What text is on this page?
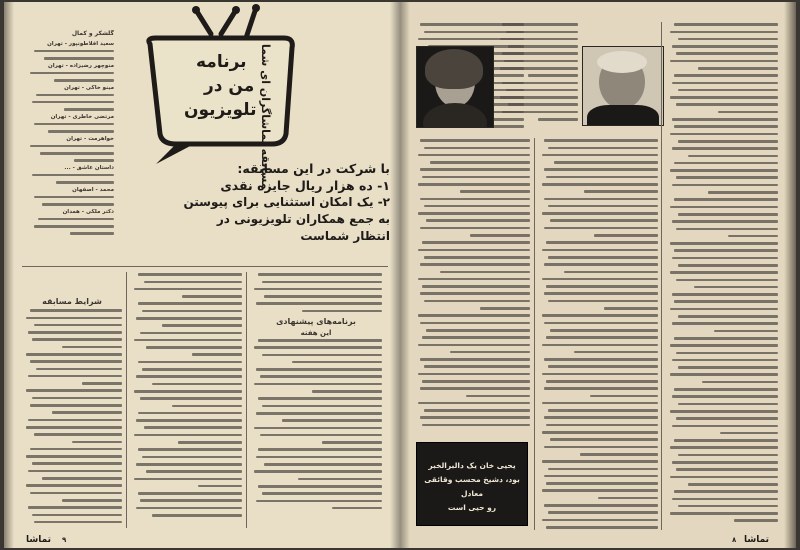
گلشکر و کمال
سعید افلاطونپور - تهران
منوچهر رضیزاده - تهران
مینو خاکی - تهران
مرتضی خاطری - تهران
خواهرمت - تهران
داستان عاشق - ...
محمد - اصفهان
دکتر ملکی - همدان
برنامه
من در
تلویزیون مسابقه تماشاگران ای شما
با شرکت در این مسابقه:
۱- ده هزار ریال جایزه نقدی
۲- یک امکان استثنایی برای پیوستن
به جمع همکاران تلویزیونی در
انتظار شماست
شرایط مسابقه
برنامه‌های پیشنهادی
این هفته
تماشا ۹
یحیی خان یک دالبرالخبر
بود، دشیخ محسب وقائقی معادل
رو حیی است
تماشا
۸
